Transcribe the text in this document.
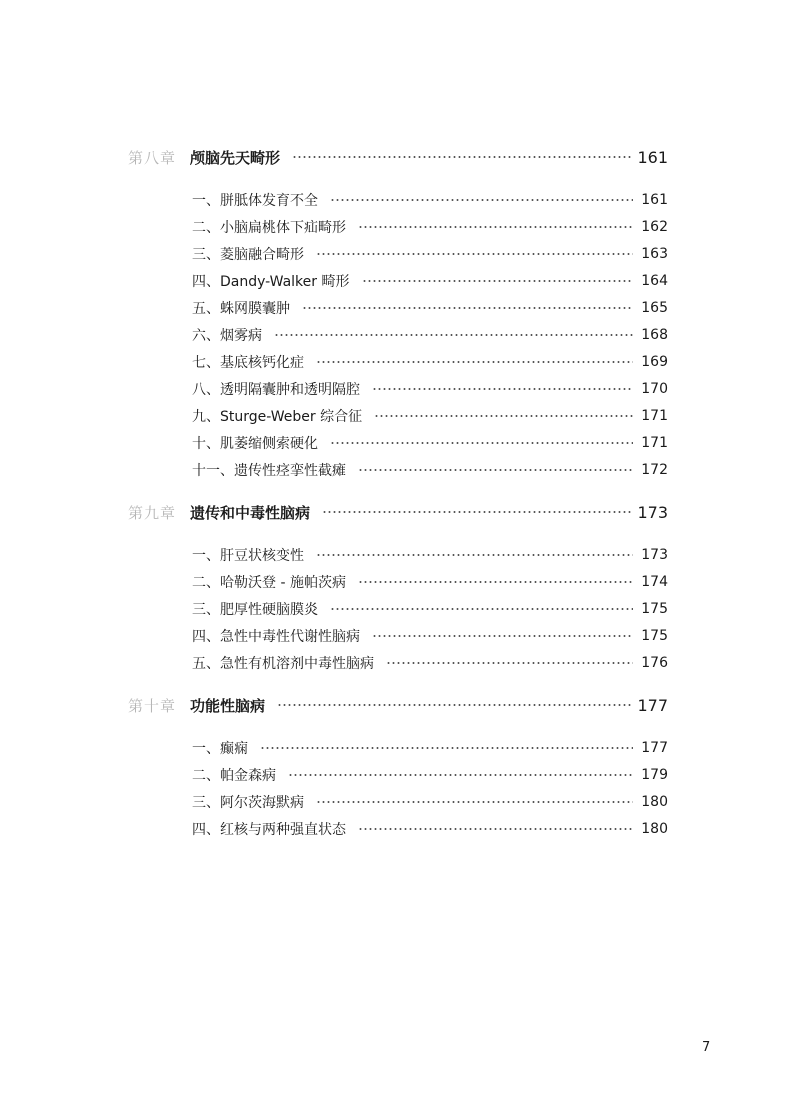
第八章 颅脑先天畸形	161
一、胼胝体发育不全	161
二、小脑扁桃体下疝畸形	162
三、菱脑融合畸形	163
四、Dandy-Walker 畸形	164
五、蛛网膜囊肿	165
六、烟雾病	168
七、基底核钙化症	169
八、透明隔囊肿和透明隔腔	170
九、Sturge-Weber 综合征	171
十、肌萎缩侧索硬化	171
十一、遗传性痉挛性截瘫	172
第九章 遗传和中毒性脑病	173
一、肝豆状核变性	173
二、哈勒沃登 - 施帕茨病	174
三、肥厚性硬脑膜炎	175
四、急性中毒性代谢性脑病	175
五、急性有机溶剂中毒性脑病	176
第十章 功能性脑病	177
一、癫痫	177
二、帕金森病	179
三、阿尔茨海默病	180
四、红核与两种强直状态	180
7
